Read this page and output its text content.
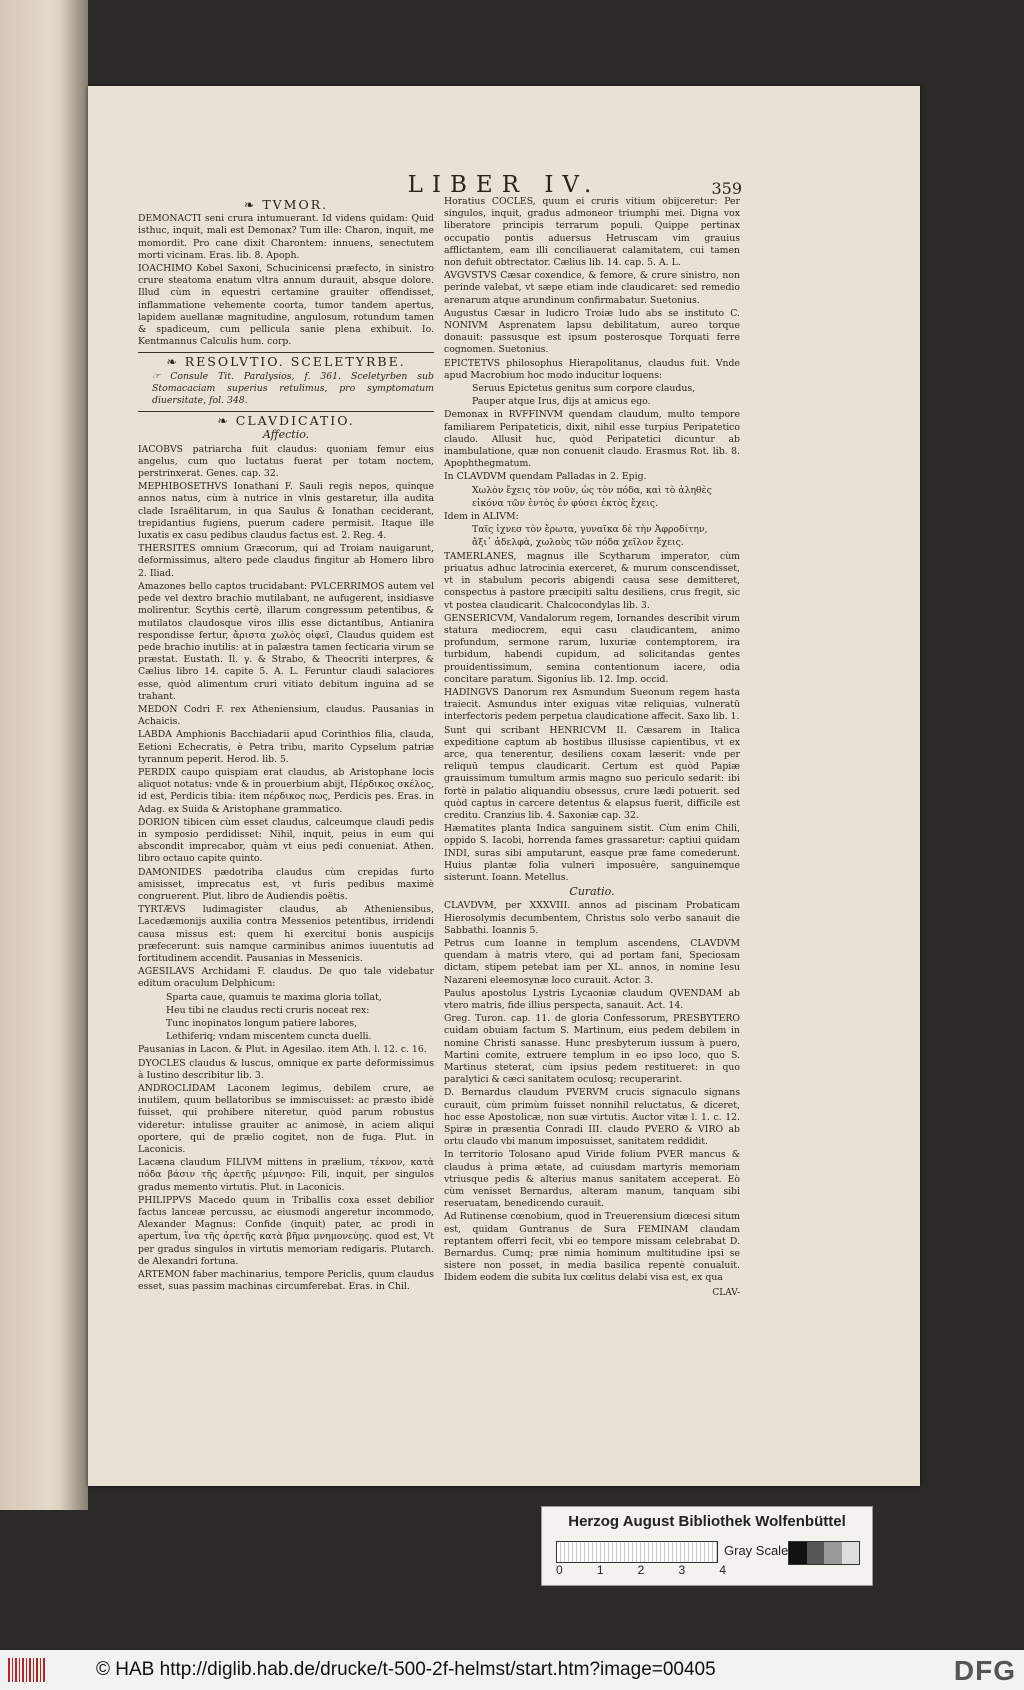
LIBER IV.	359
❧ TVMOR.

DEMONACTI seni crura intumuerant. Id videns quidam: Quid isthuc, inquit, mali est Demonax? Tum ille: Charon, inquit, me momordit. Pro cane dixit Charontem: innuens, senectutem morti vicinam. Eras. lib. 8. Apoph.

IOACHIMO Kobel Saxoni, Schucinicensi præfecto, in sinistro crure steatoma enatum vltra annum durauit, absque dolore. Illud cùm in equestri certamine grauiter offendisset, inflammatione vehemente coorta, tumor tandem apertus, lapidem auellanæ magnitudine, angulosum, rotundum tamen & spadiceum, cum pellicula sanie plena exhibuit. Io. Kentmannus Calculis hum. corp.

❧ RESOLVTIO. SCELETYRBE.

☞ Consule Tit. Paralysios, f. 361. Sceletyrben sub Stomacaciam superius retulimus, pro symptomatum diuersitate, fol. 348.

❧ CLAVDICATIO.
Affectio.

IACOBVS patriarcha fuit claudus: quoniam femur eius angelus, cum quo luctatus fuerat per totam noctem, perstrinxerat. Genes. cap. 32.

MEPHIBOSETHVS Ionathani F. Sauli regis nepos, quinque annos natus, cùm à nutrice in vlnis gestaretur, illa audita clade Israëlitarum, in qua Saulus & Ionathan ceciderant, trepidantius fugiens, puerum cadere permisit. Itaque ille luxatis ex casu pedibus claudus factus est. 2. Reg. 4.

THERSITES omnium Græcorum, qui ad Troiam nauigarunt, deformissimus, altero pede claudus fingitur ab Homero libro 2. Iliad.

Amazones bello captos trucidabant: PVLCERRIMOS autem vel pede vel dextro brachio mutilabant, ne aufugerent, insidiasve molirentur. Scythis certè, illarum congressum petentibus, & mutilatos claudosque viros illis esse dictantibus, Antianira respondisse fertur, ἄριστα χωλὸς οἰφεῖ, Claudus quidem est pede brachio inutilis: at in palæstra tamen fecticaria virum se præstat. Eustath. Il. γ. & Strabo, & Theocriti interpres, & Cælius libro 14. capite 5. A. L. Feruntur claudi salaciores esse, quòd alimentum cruri vitiato debitum inguina ad se trahant.

MEDON Codri F. rex Atheniensium, claudus. Pausanias in Achaicis.

LABDA Amphionis Bacchiadarii apud Corinthios filia, clauda, Eetioni Echecratis, è Petra tribu, marito Cypselum patriæ tyrannum peperit. Herod. lib. 5.

PERDIX caupo quispiam erat claudus, ab Aristophane locis aliquot notatus: vnde & in prouerbium abijt, Πέρδικος σκέλος, id est, Perdicis tibia: item πέρδικος πως, Perdicis pes. Eras. in Adag. ex Suida & Aristophane grammatico.

DORION tibicen cùm esset claudus, calceumque claudi pedis in symposio perdidisset: Nihil, inquit, peius in eum qui abscondit imprecabor, quàm vt eius pedi conueniat. Athen. libro octauo capite quinto.

DAMONIDES pædotriba claudus cùm crepidas furto amisisset, imprecatus est, vt furis pedibus maximè congruerent. Plut. libro de Audiendis poëtis.

TYRTÆVS ludimagister claudus, ab Atheniensibus, Lacedæmonijs auxilia contra Messenios petentibus, irridendi causa missus est: quem hi exercitui bonis auspicijs præfecerunt: suis namque carminibus animos iuuentutis ad fortitudinem accendit. Pausanias in Messenicis.

AGESILAVS Archidami F. claudus. De quo tale videbatur editum oraculum Delphicum:

Sparta caue, quamuis te maxima gloria tollat,

Heu tibi ne claudus recti cruris noceat rex:

Tunc inopinatos longum patiere labores,

Lethiferiq; vndam miscentem cuncta duelli.

Pausanias in Lacon. & Plut. in Agesilao. item Ath. l. 12. c. 16.

DYOCLES claudus & luscus, omnique ex parte deformissimus à Iustino describitur lib. 3.

ANDROCLIDAM Laconem legimus, debilem crure, ae inutilem, quum bellatoribus se immiscuisset: ac præsto ibidè fuisset, qui prohibere niteretur, quòd parum robustus videretur: intulisse grauiter ac animosè, in aciem aliqui oportere, qui de prælio cogitet, non de fuga. Plut. in Laconicis.

Lacæna claudum FILIVM mittens in prælium, τέκνον, κατὰ πόδα βάσιν τῆς ἀρετῆς μέμνησο: Fili, inquit, per singulos gradus memento virtutis. Plut. in Laconicis.

PHILIPPVS Macedo quum in Triballis coxa esset debilior factus lanceæ percussu, ac eiusmodi angeretur incommodo, Alexander Magnus: Confide (inquit) pater, ac prodi in apertum, ἵνα τῆς ἀρετῆς κατὰ βῆμα μνημονεύῃς. quod est, Vt per gradus singulos in virtutis memoriam redigaris. Plutarch. de Alexandri fortuna.

ARTEMON faber machinarius, tempore Periclis, quum claudus esset, suas passim machinas circumferebat. Eras. in Chil.

Horatius COCLES, quum ei cruris vitium obijceretur: Per singulos, inquit, gradus admoneor triumphi mei. Digna vox liberatore principis terrarum populi. Quippe pertinax occupatio pontis aduersus Hetruscam vim grauius afflictantem, eam illi conciliauerat calamitatem, cui tamen non defuit obtrectator. Cælius lib. 14. cap. 5. A. L.

AVGVSTVS Cæsar coxendice, & femore, & crure sinistro, non perinde valebat, vt sæpe etiam inde claudicaret: sed remedio arenarum atque arundinum confirmabatur. Suetonius.

Augustus Cæsar in ludicro Troiæ ludo abs se instituto C. NONIVM Asprenatem lapsu debilitatum, aureo torque donauit: passusque est ipsum posterosque Torquati ferre cognomen. Suetonius.

EPICTETVS philosophus Hierapolitanus, claudus fuit. Vnde apud Macrobium hoc modo inducitur loquens:

Seruus Epictetus genitus sum corpore claudus,

Pauper atque Irus, dijs at amicus ego.

Demonax in RVFFINVM quendam claudum, multo tempore familiarem Peripateticis, dixit, nihil esse turpius Peripatetico claudo. Allusit huc, quòd Peripatetici dicuntur ab inambulatione, quæ non conuenit claudo. Erasmus Rot. lib. 8. Apophthegmatum.

In CLAVDVM quendam Palladas in 2. Epig.

Χωλὸν ἔχεις τὸν νοῦν, ὡς τὸν πόδα, καὶ τὸ ἀληθὲς

εἰκόνα τῶν ἐντὸς ἐν φύσει ἐκτὸς ἔχεις.

Idem in ALIVM:

Ταῖς ἰχνεσ τὸν ἔρωτα, γυναῖκα δὲ τὴν Ἀφροδίτην,

ἄξι᾽ ἀδελφὰ, χωλοὺς τῶν πόδα χεῖλον ἔχεις.

TAMERLANES, magnus ille Scytharum imperator, cùm priuatus adhuc latrocinia exerceret, & murum conscendisset, vt in stabulum pecoris abigendi causa sese demitteret, conspectus à pastore præcipiti saltu desiliens, crus fregit, sic vt postea claudicarit. Chalcocondylas lib. 3.

GENSERICVM, Vandalorum regem, Iornandes describit virum statura mediocrem, equi casu claudicantem, animo profundum, sermone rarum, luxuriæ contemptorem, ira turbidum, habendi cupidum, ad solicitandas gentes prouidentissimum, semina contentionum iacere, odia concitare paratum. Sigonius lib. 12. Imp. occid.

HADINGVS Danorum rex Asmundum Sueonum regem hasta traiecit. Asmundus inter exiguas vitæ reliquias, vulneratū interfectoris pedem perpetua claudicatione affecit. Saxo lib. 1.

Sunt qui scribant HENRICVM II. Cæsarem in Italica expeditione captum ab hostibus illusisse capientibus, vt ex arce, qua tenerentur, desiliens coxam læserit: vnde per reliquū tempus claudicarit. Certum est quòd Papiæ grauissimum tumultum armis magno suo periculo sedarit: ibi fortè in palatio aliquandiu obsessus, crure lædi potuerit. sed quòd captus in carcere detentus & elapsus fuerit, difficile est creditu. Cranzius lib. 4. Saxoniæ cap. 32.

Hæmatites planta Indica sanguinem sistit. Cùm enim Chili, oppido S. Iacobi, horrenda fames grassaretur: captiui quidam INDI, suras sibi amputarunt, easque præ fame comederunt. Huius plantæ folia vulneri imposuêre, sanguinemque sisterunt. Ioann. Metellus.

Curatio.

CLAVDVM, per XXXVIII. annos ad piscinam Probaticam Hierosolymis decumbentem, Christus solo verbo sanauit die Sabbathi. Ioannis 5.

Petrus cum Ioanne in templum ascendens, CLAVDVM quendam à matris vtero, qui ad portam fani, Speciosam dictam, stipem petebat iam per XL. annos, in nomine Iesu Nazareni eleemosynæ loco curauit. Actor. 3.

Paulus apostolus Lystris Lycaoniæ claudum QVENDAM ab vtero matris, fide illius perspecta, sanauit. Act. 14.

Greg. Turon. cap. 11. de gloria Confessorum, PRESBYTERO cuidam obuiam factum S. Martinum, eius pedem debilem in nomine Christi sanasse. Hunc presbyterum iussum à puero, Martini comite, extruere templum in eo ipso loco, quo S. Martinus steterat, cùm ipsius pedem restitueret: in quo paralytici & cæci sanitatem oculosq; recuperarint.

D. Bernardus claudum PVERVM crucis signaculo signans curauit, cùm primùm fuisset nonnihil reluctatus, & diceret, hoc esse Apostolicæ, non suæ virtutis. Auctor vitæ l. 1. c. 12. Spiræ in præsentia Conradi III. claudo PVERO & VIRO ab ortu claudo vbi manum imposuisset, sanitatem reddidit.

In territorio Tolosano apud Viride folium PVER mancus & claudus à prima ætate, ad cuiusdam martyris memoriam vtriusque pedis & alterius manus sanitatem acceperat. Eò cùm venisset Bernardus, alteram manum, tanquam sibi reseruatam, benedicendo curauit.

Ad Rutinense cœnobium, quod in Treuerensium diœcesi situm est, quidam Guntranus de Sura FEMINAM claudam reptantem offerri fecit, vbi eo tempore missam celebrabat D. Bernardus. Cumq; præ nimia hominum multitudine ipsi se sistere non posset, in media basilica repentè conualuit. Ibidem eodem die subita lux cœlitus delabi visa est, ex qua

CLAV-
Herzog August Bibliothek Wolfenbüttel
0	1	2	3	4
Gray Scale
© HAB http://diglib.hab.de/drucke/t-500-2f-helmst/start.htm?image=00405	DFG
